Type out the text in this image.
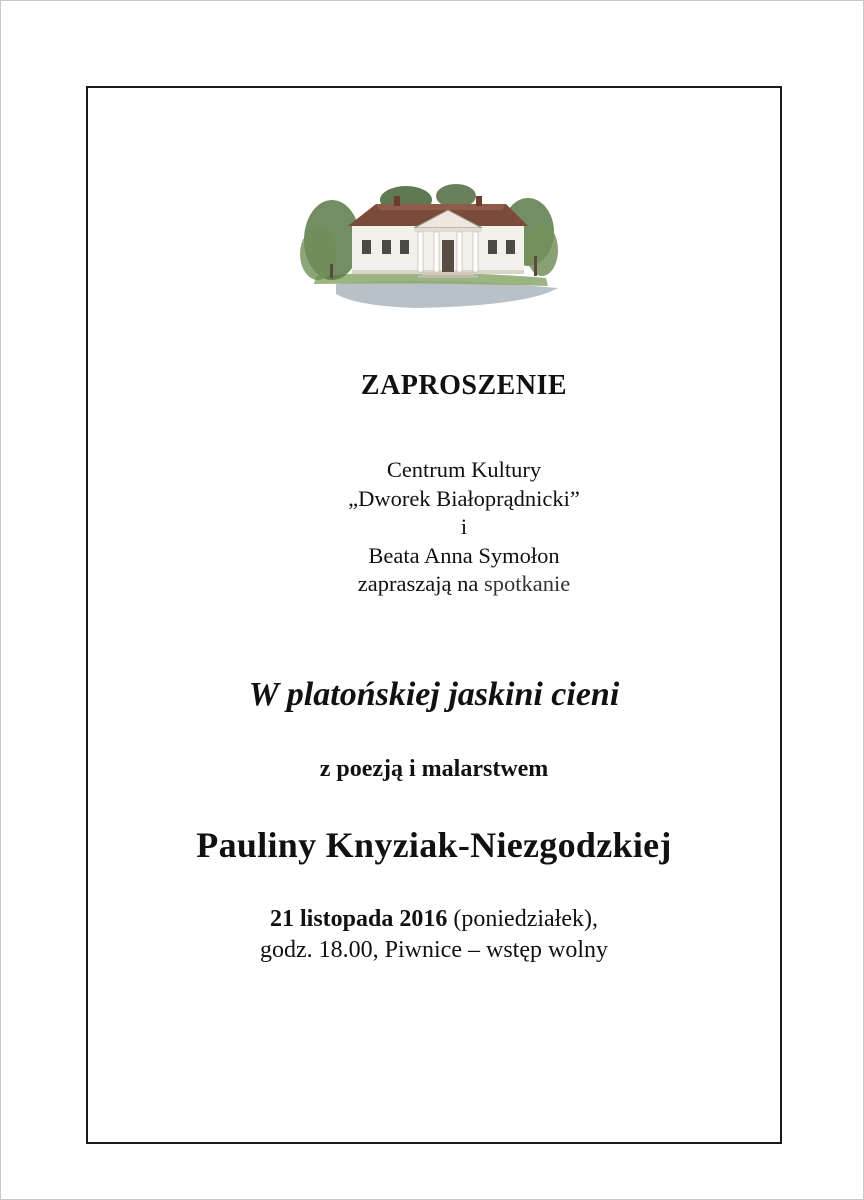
ZAPROSZENIE
Centrum Kultury
„Dworek Białoprądnicki”
i
Beata Anna Symołon
zapraszają na spotkanie
W platońskiej jaskini cieni
z poezją i malarstwem
Pauliny Knyziak-Niezgodzkiej
21 listopada 2016 (poniedziałek),
godz. 18.00, Piwnice – wstęp wolny
